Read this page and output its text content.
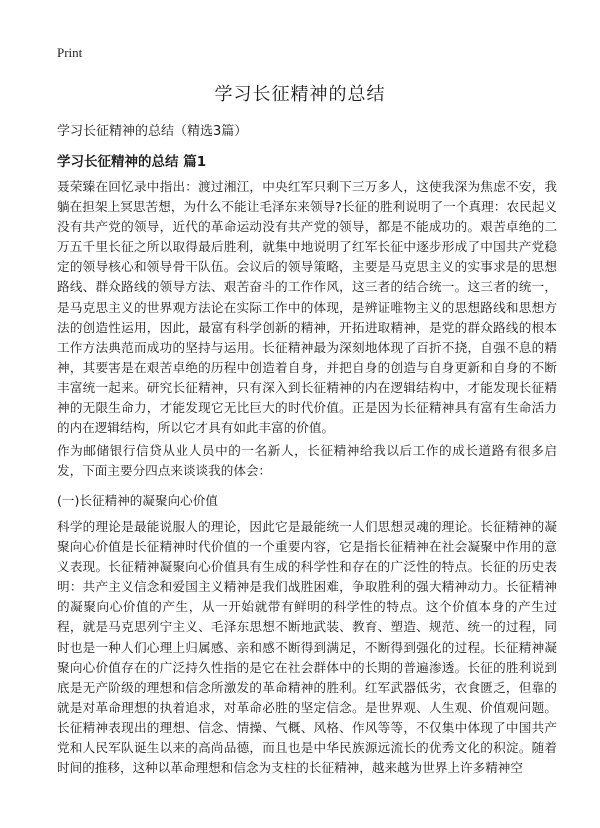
Print
学习长征精神的总结

学习长征精神的总结（精选3篇）

学习长征精神的总结 篇1

聂荣臻在回忆录中指出：渡过湘江，中央红军只剩下三万多人，这使我深为焦虑不安，我躺在担架上冥思苦想，为什么不能让毛泽东来领导?长征的胜利说明了一个真理：农民起义没有共产党的领导，近代的革命运动没有共产党的领导，都是不能成功的。艰苦卓绝的二万五千里长征之所以取得最后胜利，就集中地说明了红军长征中逐步形成了中国共产党稳定的领导核心和领导骨干队伍。会议后的领导策略，主要是马克思主义的实事求是的思想路线、群众路线的领导方法、艰苦奋斗的工作作风，这三者的结合统一。这三者的统一，是马克思主义的世界观方法论在实际工作中的体现，是辨证唯物主义的思想路线和思想方法的创造性运用，因此，最富有科学创新的精神，开拓进取精神，是党的群众路线的根本工作方法典范而成功的坚持与运用。长征精神最为深刻地体现了百折不挠，自强不息的精神，其要害是在艰苦卓绝的历程中创造着自身，并把自身的创造与自身更新和自身的不断丰富统一起来。研究长征精神，只有深入到长征精神的内在逻辑结构中，才能发现长征精神的无限生命力，才能发现它无比巨大的时代价值。正是因为长征精神具有富有生命活力的内在逻辑结构，所以它才具有如此丰富的价值。

作为邮储银行信贷从业人员中的一名新人，长征精神给我以后工作的成长道路有很多启发，下面主要分四点来谈谈我的体会：

(一)长征精神的凝聚向心价值

科学的理论是最能说服人的理论，因此它是最能统一人们思想灵魂的理论。长征精神的凝聚向心价值是长征精神时代价值的一个重要内容，它是指长征精神在社会凝聚中作用的意义表现。长征精神凝聚向心价值具有生成的科学性和存在的广泛性的特点。长征的历史表明：共产主义信念和爱国主义精神是我们战胜困难，争取胜利的强大精神动力。长征精神的凝聚向心价值的产生，从一开始就带有鲜明的科学性的特点。这个价值本身的产生过程，就是马克思列宁主义、毛泽东思想不断地武装、教育、塑造、规范、统一的过程，同时也是一种人们心理上归属感、亲和感不断得到满足，不断得到强化的过程。长征精神凝聚向心价值存在的广泛持久性指的是它在社会群体中的长期的普遍渗透。长征的胜利说到底是无产阶级的理想和信念所激发的革命精神的胜利。红军武器低劣，衣食匮乏，但靠的就是对革命理想的执着追求，对革命必胜的坚定信念。是世界观、人生观、价值观问题。长征精神表现出的理想、信念、情操、气概、风格、作风等等，不仅集中体现了中国共产党和人民军队诞生以来的高尚品德，而且也是中华民族源远流长的优秀文化的积淀。随着时间的推移，这种以革命理想和信念为支柱的长征精神，越来越为世界上许多精神空
